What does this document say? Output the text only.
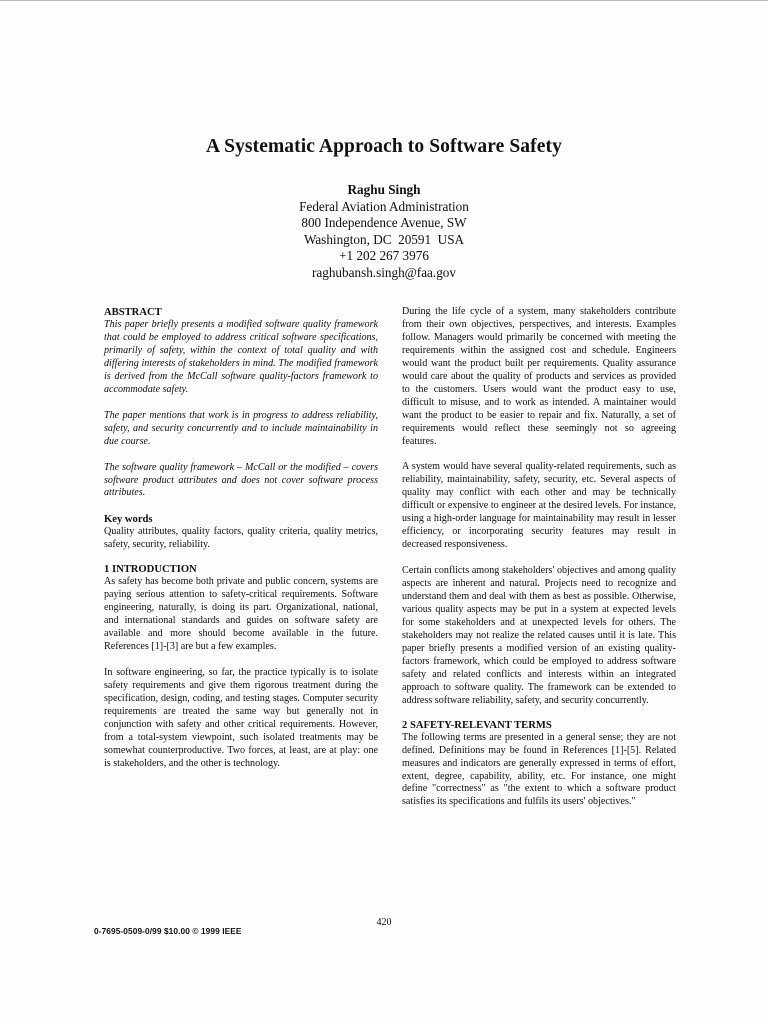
A Systematic Approach to Software Safety
Raghu Singh
Federal Aviation Administration
800 Independence Avenue, SW
Washington, DC  20591  USA
+1 202 267 3976
raghubansh.singh@faa.gov
ABSTRACT

This paper briefly presents a modified software quality framework that could be employed to address critical software specifications, primarily of safety, within the context of total quality and with differing interests of stakeholders in mind. The modified framework is derived from the McCall software quality-factors framework to accommodate safety.

The paper mentions that work is in progress to address reliability, safety, and security concurrently and to include maintainability in due course.

The software quality framework – McCall or the modified – covers software product attributes and does not cover software process attributes.

Key words

Quality attributes, quality factors, quality criteria, quality metrics, safety, security, reliability.

1 INTRODUCTION

As safety has become both private and public concern, systems are paying serious attention to safety-critical requirements. Software engineering, naturally, is doing its part. Organizational, national, and international standards and guides on software safety are available and more should become available in the future. References [1]-[3] are but a few examples.

In software engineering, so far, the practice typically is to isolate safety requirements and give them rigorous treatment during the specification, design, coding, and testing stages. Computer security requirements are treated the same way but generally not in conjunction with safety and other critical requirements. However, from a total-system viewpoint, such isolated treatments may be somewhat counterproductive. Two forces, at least, are at play: one is stakeholders, and the other is technology.

During the life cycle of a system, many stakeholders contribute from their own objectives, perspectives, and interests. Examples follow. Managers would primarily be concerned with meeting the requirements within the assigned cost and schedule. Engineers would want the product built per requirements. Quality assurance would care about the quality of products and services as provided to the customers. Users would want the product easy to use, difficult to misuse, and to work as intended. A maintainer would want the product to be easier to repair and fix. Naturally, a set of requirements would reflect these seemingly not so agreeing features.

A system would have several quality-related requirements, such as reliability, maintainability, safety, security, etc. Several aspects of quality may conflict with each other and may be technically difficult or expensive to engineer at the desired levels. For instance, using a high-order language for maintainability may result in lesser efficiency, or incorporating security features may result in decreased responsiveness.

Certain conflicts among stakeholders' objectives and among quality aspects are inherent and natural. Projects need to recognize and understand them and deal with them as best as possible. Otherwise, various quality aspects may be put in a system at expected levels for some stakeholders and at unexpected levels for others. The stakeholders may not realize the related causes until it is late. This paper briefly presents a modified version of an existing quality-factors framework, which could be employed to address software safety and related conflicts and interests within an integrated approach to software quality. The framework can be extended to address software reliability, safety, and security concurrently.

2 SAFETY-RELEVANT TERMS

The following terms are presented in a general sense; they are not defined. Definitions may be found in References [1]-[5]. Related measures and indicators are generally expressed in terms of effort, extent, degree, capability, ability, etc. For instance, one might define "correctness" as "the extent to which a software product satisfies its specifications and fulfils its users' objectives."

420
0-7695-0509-0/99 $10.00 © 1999 IEEE
